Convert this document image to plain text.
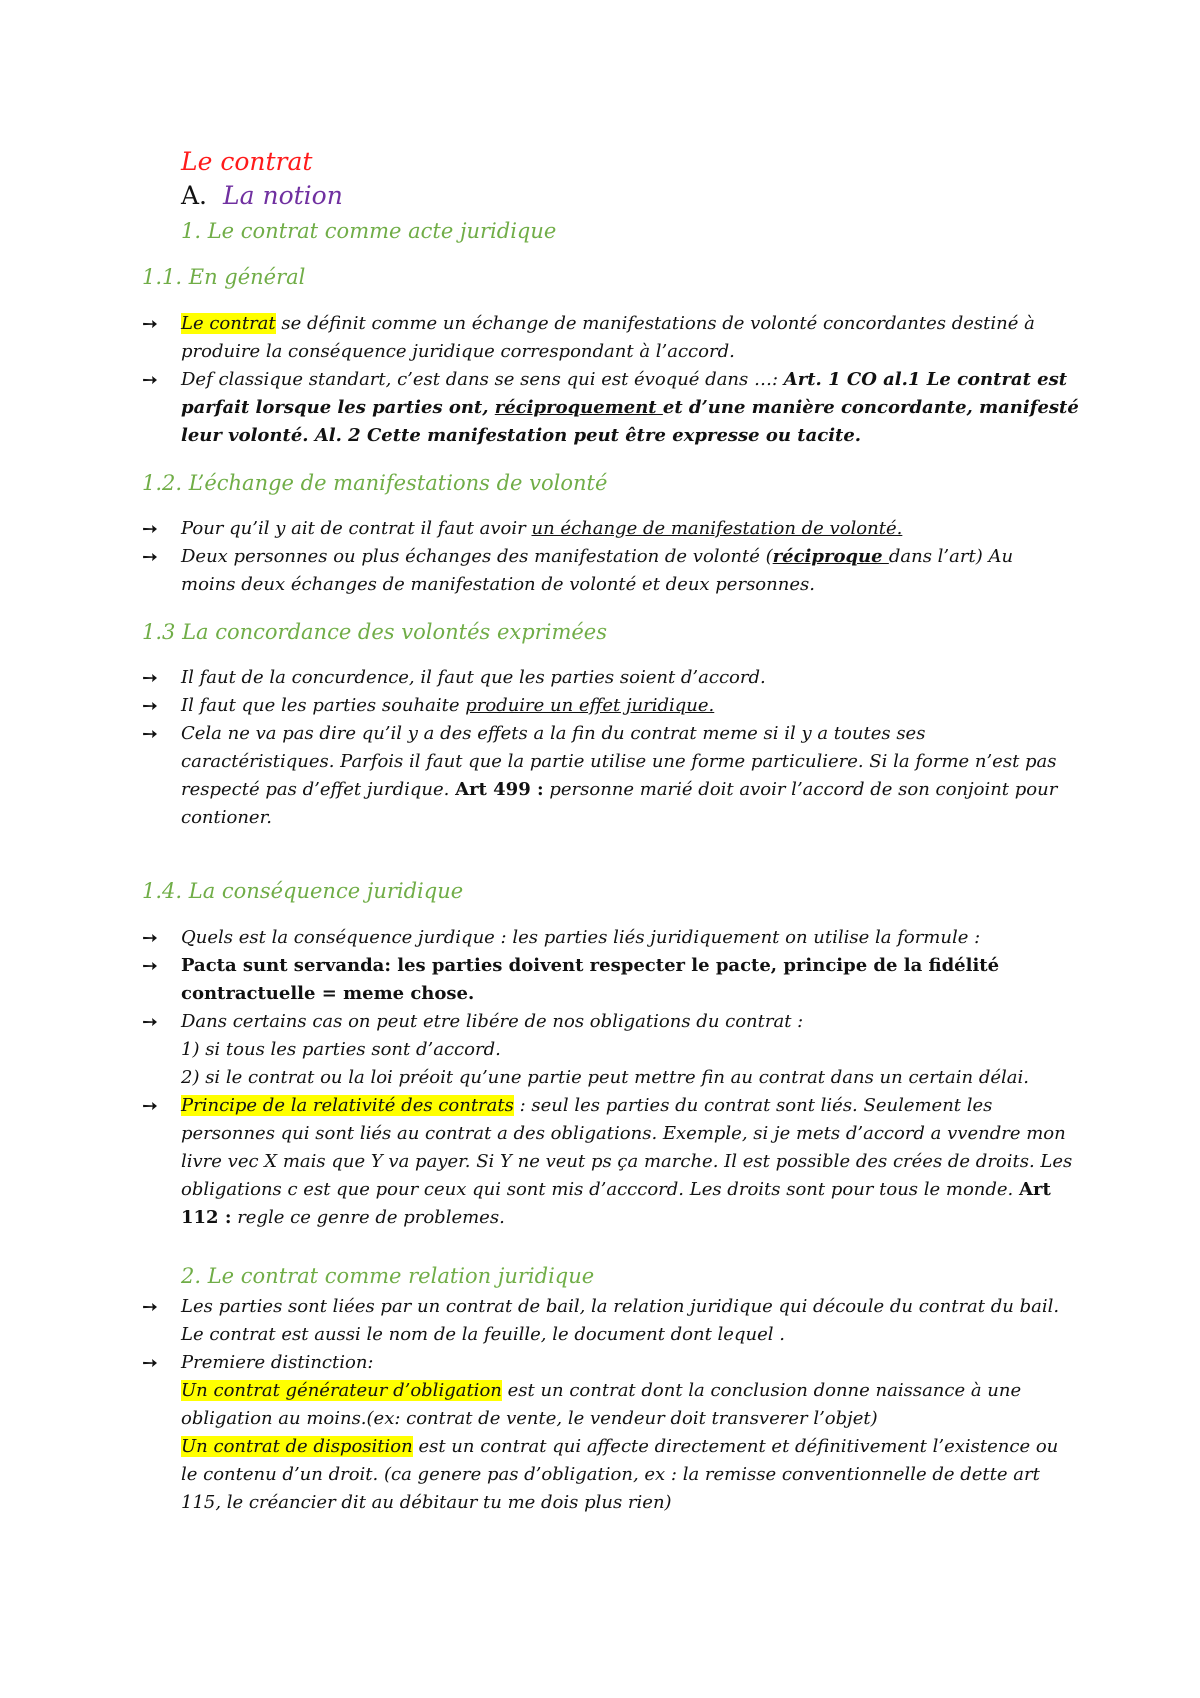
Le contrat
A. La notion
1. Le contrat comme acte juridique
1.1. En général
➙ Le contrat se définit comme un échange de manifestations de volonté concordantes destiné à
produire la conséquence juridique correspondant à l’accord.
➙ Def classique standart, c’est dans se sens qui est évoqué dans …: Art. 1 CO al.1 Le contrat est
parfait lorsque les parties ont, réciproquement et d’une manière concordante, manifesté
leur volonté. Al. 2 Cette manifestation peut être expresse ou tacite.
1.2. L’échange de manifestations de volonté
➙ Pour qu’il y ait de contrat il faut avoir un échange de manifestation de volonté.
➙ Deux personnes ou plus échanges des manifestation de volonté (réciproque dans l’art) Au
moins deux échanges de manifestation de volonté et deux personnes.
1.3 La concordance des volontés exprimées
➙ Il faut de la concurdence, il faut que les parties soient d’accord.
➙ Il faut que les parties souhaite produire un effet juridique.
➙ Cela ne va pas dire qu’il y a des effets a la fin du contrat meme si il y a toutes ses
caractéristiques. Parfois il faut que la partie utilise une forme particuliere. Si la forme n’est pas
respecté pas d’effet jurdique. Art 499 : personne marié doit avoir l’accord de son conjoint pour
contioner.
1.4. La conséquence juridique
➙ Quels est la conséquence jurdique : les parties liés juridiquement on utilise la formule :
➙ Pacta sunt servanda: les parties doivent respecter le pacte, principe de la fidélité
contractuelle = meme chose.
➙ Dans certains cas on peut etre libére de nos obligations du contrat :
1) si tous les parties sont d’accord.
2) si le contrat ou la loi préoit qu’une partie peut mettre fin au contrat dans un certain délai.
➙ Principe de la relativité des contrats : seul les parties du contrat sont liés. Seulement les
personnes qui sont liés au contrat a des obligations. Exemple, si je mets d’accord a vvendre mon
livre vec X mais que Y va payer. Si Y ne veut ps ça marche. Il est possible des crées de droits. Les
obligations c est que pour ceux qui sont mis d’acccord. Les droits sont pour tous le monde. Art
112 : regle ce genre de problemes.
2. Le contrat comme relation juridique
➙ Les parties sont liées par un contrat de bail, la relation juridique qui découle du contrat du bail.
Le contrat est aussi le nom de la feuille, le document dont lequel .
➙ Premiere distinction:
Un contrat générateur d’obligation est un contrat dont la conclusion donne naissance à une
obligation au moins.(ex: contrat de vente, le vendeur doit transverer l’objet)
Un contrat de disposition est un contrat qui affecte directement et définitivement l’existence ou
le contenu d’un droit. (ca genere pas d’obligation, ex : la remisse conventionnelle de dette art
115, le créancier dit au débitaur tu me dois plus rien)
